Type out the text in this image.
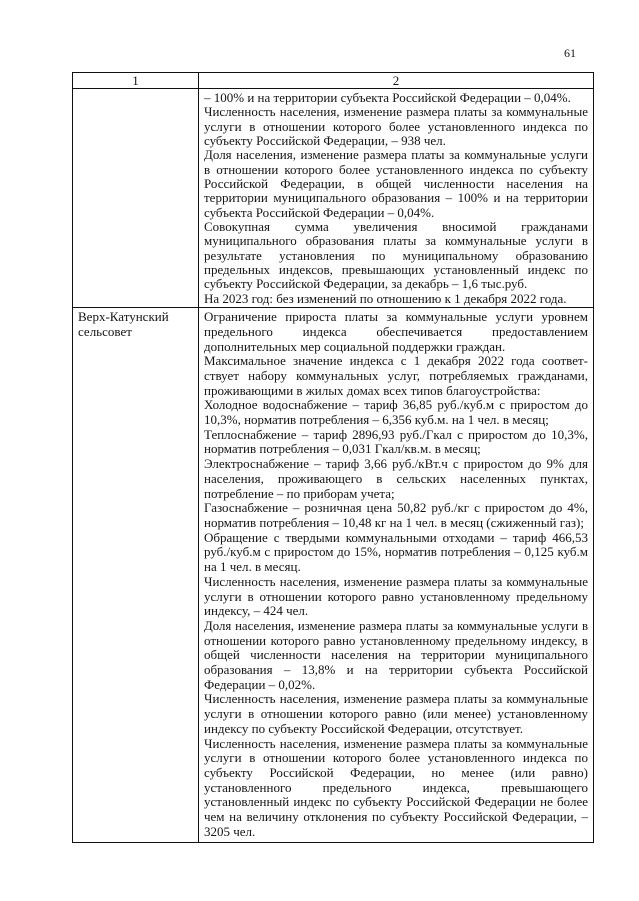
61
1	2
– 100% и на территории субъекта Российской Федерации – 0,04%.
Численность населения, изменение размера платы за коммунальные
услуги в отношении которого более установленного индекса по
субъекту Российской Федерации, – 938 чел.
Доля населения, изменение размера платы за коммунальные услуги
в отношении которого более установленного индекса по субъекту
Российской Федерации, в общей численности населения на
территории муниципального образования – 100% и на территории
субъекта Российской Федерации – 0,04%.
Совокупная сумма увеличения вносимой гражданами
муниципального образования платы за коммунальные услуги в
результате установления по муниципальному образованию
предельных индексов, превышающих установленный индекс по
субъекту Российской Федерации, за декабрь – 1,6 тыс.руб.
На 2023 год: без изменений по отношению к 1 декабря 2022 года.
Верх-Катунский сельсовет
Ограничение прироста платы за коммунальные услуги уровнем
предельного индекса обеспечивается предоставлением
дополнительных мер социальной поддержки граждан.
Максимальное значение индекса с 1 декабря 2022 года соответ-
ствует набору коммунальных услуг, потребляемых гражданами,
проживающими в жилых домах всех типов благоустройства:
Холодное водоснабжение – тариф 36,85 руб./куб.м с приростом до
10,3%, норматив потребления – 6,356 куб.м. на 1 чел. в месяц;
Теплоснабжение – тариф 2896,93 руб./Гкал с приростом до 10,3%,
норматив потребления – 0,031 Гкал/кв.м. в месяц;
Электроснабжение – тариф 3,66 руб./кВт.ч с приростом до 9% для
населения, проживающего в сельских населенных пунктах,
потребление – по приборам учета;
Газоснабжение – розничная цена 50,82 руб./кг с приростом до 4%,
норматив потребления – 10,48 кг на 1 чел. в месяц (сжиженный газ);
Обращение с твердыми коммунальными отходами – тариф 466,53
руб./куб.м с приростом до 15%, норматив потребления – 0,125 куб.м
на 1 чел. в месяц.
Численность населения, изменение размера платы за коммунальные
услуги в отношении которого равно установленному предельному
индексу, – 424 чел.
Доля населения, изменение размера платы за коммунальные услуги в
отношении которого равно установленному предельному индексу, в
общей численности населения на территории муниципального
образования – 13,8% и на территории субъекта Российской
Федерации – 0,02%.
Численность населения, изменение размера платы за коммунальные
услуги в отношении которого равно (или менее) установленному
индексу по субъекту Российской Федерации, отсутствует.
Численность населения, изменение размера платы за коммунальные
услуги в отношении которого более установленного индекса по
субъекту Российской Федерации, но менее (или равно)
установленного предельного индекса, превышающего
установленный индекс по субъекту Российской Федерации не более
чем на величину отклонения по субъекту Российской Федерации, –
3205 чел.
